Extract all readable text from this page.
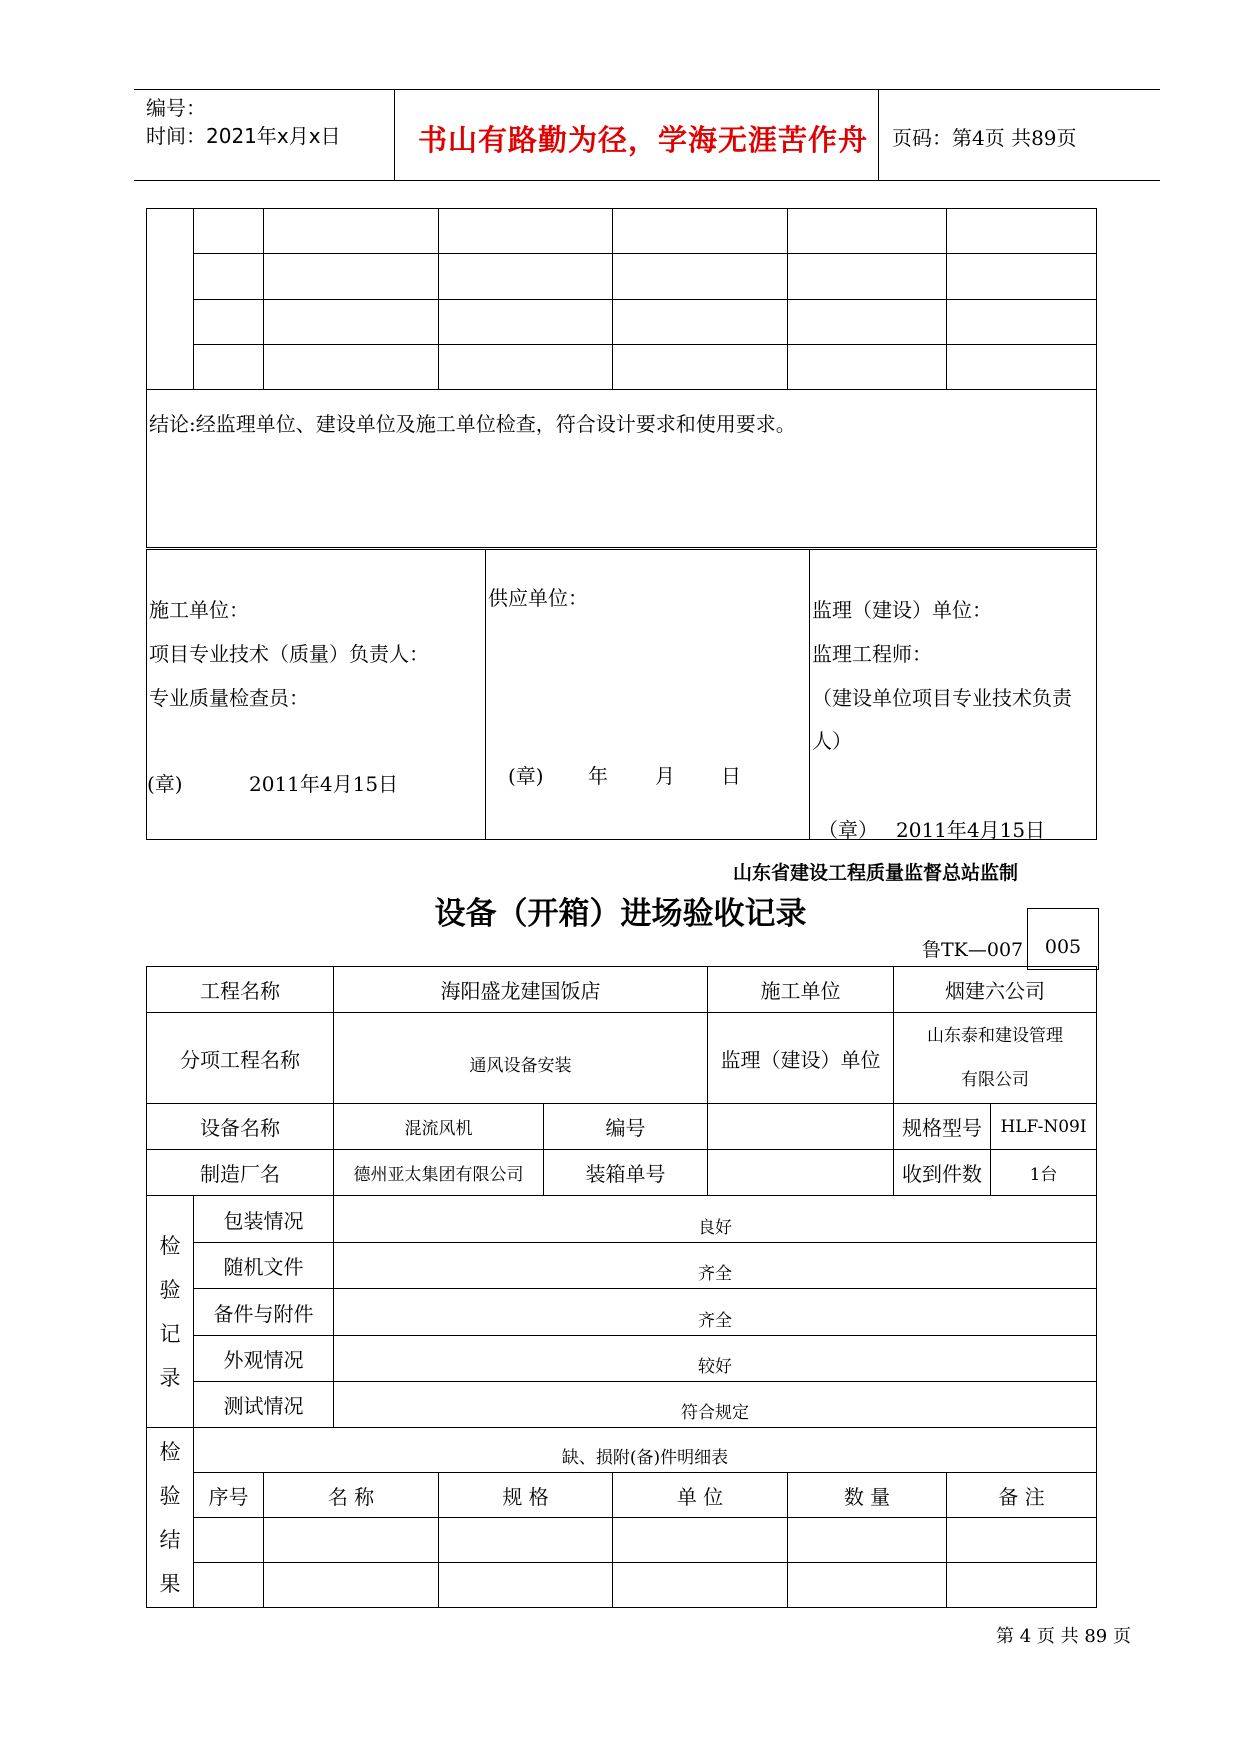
编号：
时间：2021年x月x日	书山有路勤为径，学海无涯苦作舟 页码：第4页 共89页

结论:经监理单位、建设单位及施工单位检查，符合设计要求和使用要求。						
施工单位：
项目专业技术（质量）负责人：
专业质量检查员：
(章)	2011年4月15日

供应单位：
(章) 年 月 日

监理（建设）单位：
监理工程师：
（建设单位项目专业技术负责
人）
（章） 2011年4月15日
山东省建设工程质量监督总站监制
设备（开箱）进场验收记录
鲁TK—007	005
工程名称	海阳盛龙建国饭店	施工单位	烟建六公司
分项工程名称	通风设备安装	监理（建设）单位	山东泰和建设管理
有限公司
设备名称	混流风机	编号		规格型号	HLF-N09I
制造厂名	德州亚太集团有限公司	装箱单号		收到件数	1台
检
验
记
录	包装情况	良好
	随机文件	齐全
	备件与附件	齐全
	外观情况	较好
	测试情况	符合规定
检
验
结
果	缺、损附(备)件明细表					
	序号	名 称	规 格	单 位	数 量	备 注

第 4 页 共 89 页
